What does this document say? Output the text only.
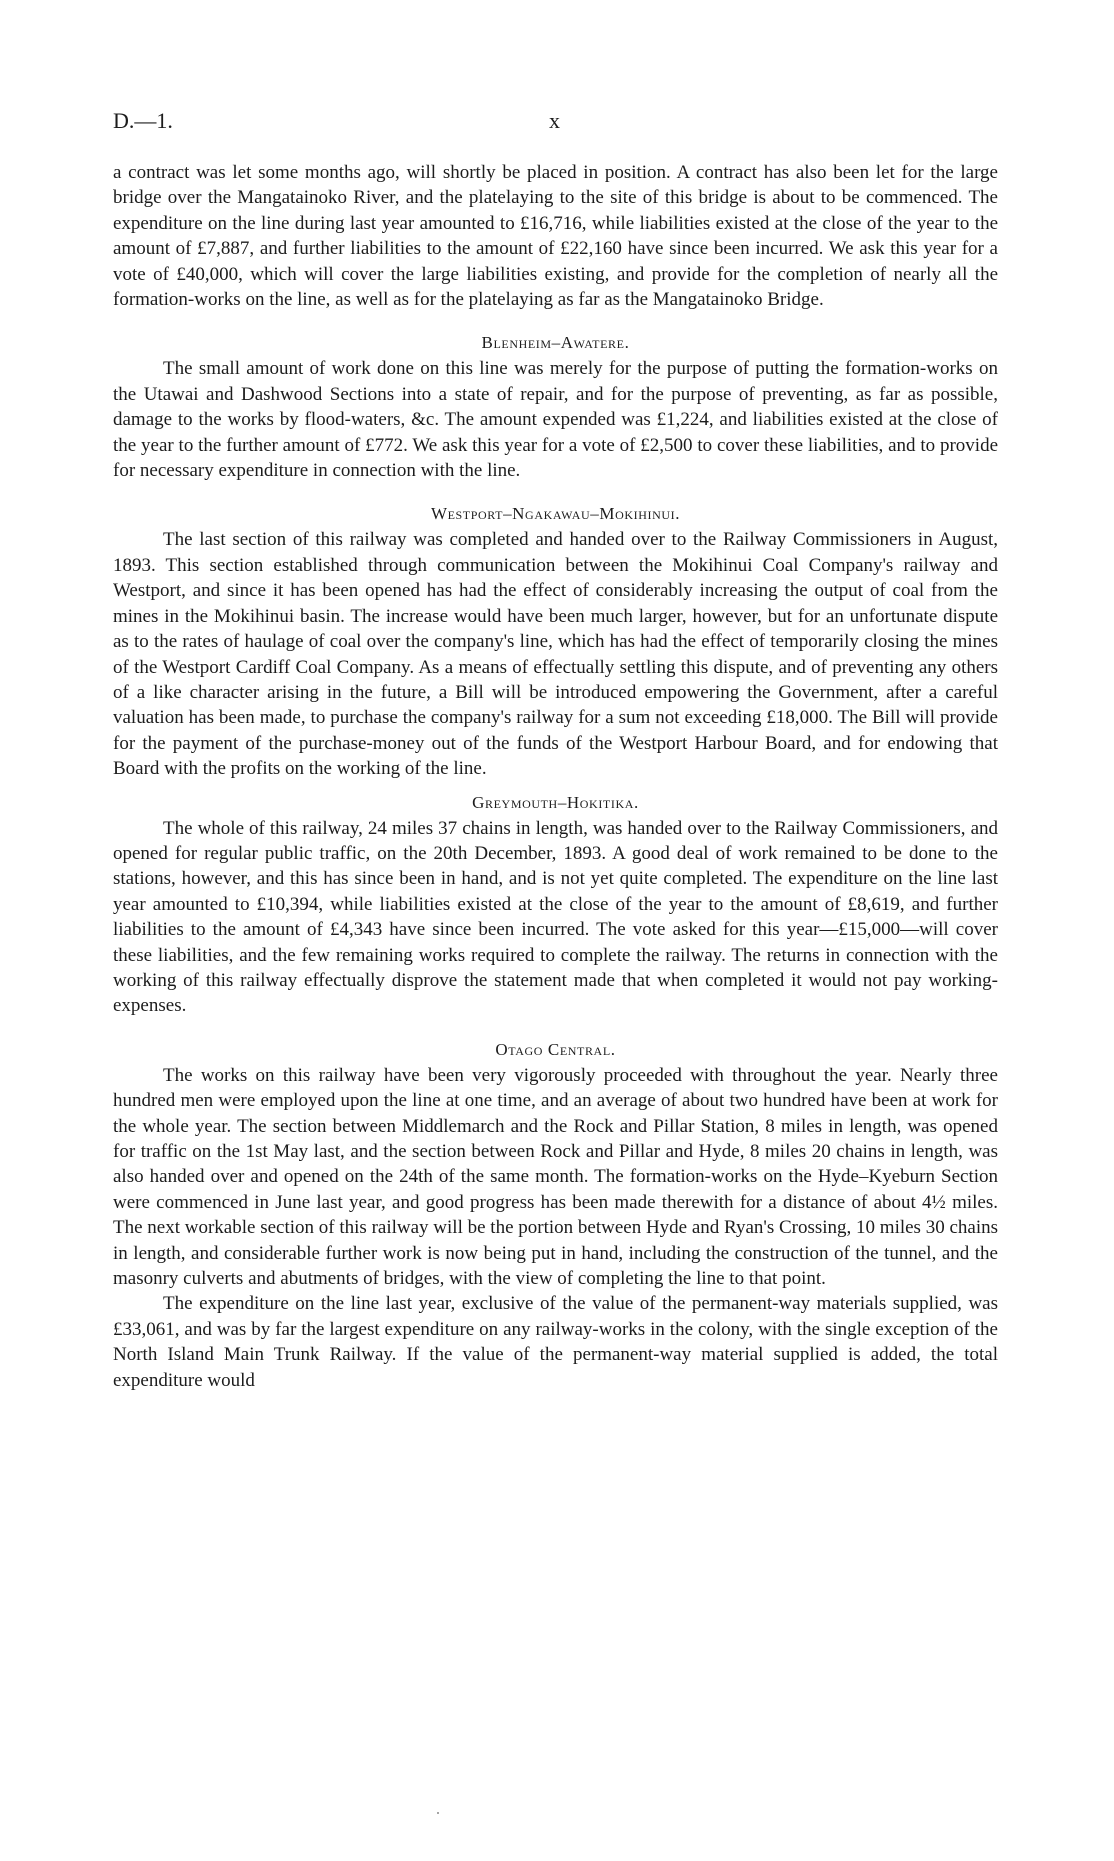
D.—1.	x

a contract was let some months ago, will shortly be placed in position. A contract has also been let for the large bridge over the Mangatainoko River, and the platelaying to the site of this bridge is about to be commenced. The expenditure on the line during last year amounted to £16,716, while liabilities existed at the close of the year to the amount of £7,887, and further liabilities to the amount of £22,160 have since been incurred. We ask this year for a vote of £40,000, which will cover the large liabilities existing, and provide for the completion of nearly all the formation-works on the line, as well as for the platelaying as far as the Mangatainoko Bridge.

Blenheim–Awatere.

The small amount of work done on this line was merely for the purpose of putting the formation-works on the Utawai and Dashwood Sections into a state of repair, and for the purpose of preventing, as far as possible, damage to the works by flood-waters, &c. The amount expended was £1,224, and liabilities existed at the close of the year to the further amount of £772. We ask this year for a vote of £2,500 to cover these liabilities, and to provide for necessary expenditure in connection with the line.

Westport–Ngakawau–Mokihinui.

The last section of this railway was completed and handed over to the Railway Commissioners in August, 1893. This section established through communication between the Mokihinui Coal Company's railway and Westport, and since it has been opened has had the effect of considerably increasing the output of coal from the mines in the Mokihinui basin. The increase would have been much larger, however, but for an unfortunate dispute as to the rates of haulage of coal over the company's line, which has had the effect of temporarily closing the mines of the Westport Cardiff Coal Company. As a means of effectually settling this dispute, and of preventing any others of a like character arising in the future, a Bill will be introduced empowering the Government, after a careful valuation has been made, to purchase the company's railway for a sum not exceeding £18,000. The Bill will provide for the payment of the purchase-money out of the funds of the Westport Harbour Board, and for endowing that Board with the profits on the working of the line.

Greymouth–Hokitika.

The whole of this railway, 24 miles 37 chains in length, was handed over to the Railway Commissioners, and opened for regular public traffic, on the 20th December, 1893. A good deal of work remained to be done to the stations, however, and this has since been in hand, and is not yet quite completed. The expenditure on the line last year amounted to £10,394, while liabilities existed at the close of the year to the amount of £8,619, and further liabilities to the amount of £4,343 have since been incurred. The vote asked for this year—£15,000—will cover these liabilities, and the few remaining works required to complete the railway. The returns in connection with the working of this railway effectually disprove the statement made that when completed it would not pay working-expenses.

Otago Central.

The works on this railway have been very vigorously proceeded with throughout the year. Nearly three hundred men were employed upon the line at one time, and an average of about two hundred have been at work for the whole year. The section between Middlemarch and the Rock and Pillar Station, 8 miles in length, was opened for traffic on the 1st May last, and the section between Rock and Pillar and Hyde, 8 miles 20 chains in length, was also handed over and opened on the 24th of the same month. The formation-works on the Hyde–Kyeburn Section were commenced in June last year, and good progress has been made therewith for a distance of about 4½ miles. The next workable section of this railway will be the portion between Hyde and Ryan's Crossing, 10 miles 30 chains in length, and considerable further work is now being put in hand, including the construction of the tunnel, and the masonry culverts and abutments of bridges, with the view of completing the line to that point.

The expenditure on the line last year, exclusive of the value of the permanent-way materials supplied, was £33,061, and was by far the largest expenditure on any railway-works in the colony, with the single exception of the North Island Main Trunk Railway. If the value of the permanent-way material supplied is added, the total expenditure would
